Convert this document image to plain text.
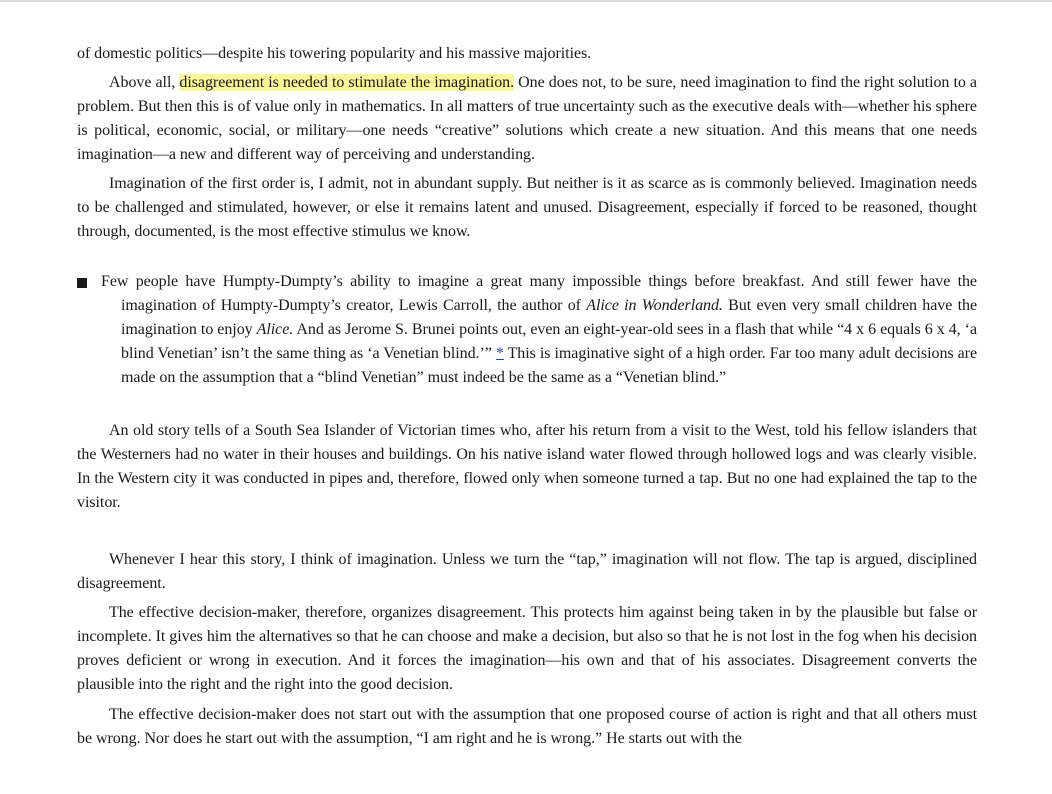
of domestic politics—despite his towering popularity and his massive majorities.

Above all, disagreement is needed to stimulate the imagination. One does not, to be sure, need imagination to find the right solution to a problem. But then this is of value only in mathematics. In all matters of true uncertainty such as the executive deals with—whether his sphere is political, economic, social, or military—one needs “creative” solutions which create a new situation. And this means that one needs imagination—a new and different way of perceiving and understanding.

Imagination of the first order is, I admit, not in abundant supply. But neither is it as scarce as is commonly believed. Imagination needs to be challenged and stimulated, however, or else it remains latent and unused. Disagreement, especially if forced to be reasoned, thought through, documented, is the most effective stimulus we know.

Few people have Humpty-Dumpty’s ability to imagine a great many impossible things before breakfast. And still fewer have the imagination of Humpty-Dumpty’s creator, Lewis Carroll, the author of Alice in Wonderland. But even very small children have the imagination to enjoy Alice. And as Jerome S. Brunei points out, even an eight-year-old sees in a flash that while “4 x 6 equals 6 x 4, ‘a blind Venetian’ isn’t the same thing as ‘a Venetian blind.’” * This is imaginative sight of a high order. Far too many adult decisions are made on the assumption that a “blind Venetian” must indeed be the same as a “Venetian blind.”

An old story tells of a South Sea Islander of Victorian times who, after his return from a visit to the West, told his fellow islanders that the Westerners had no water in their houses and buildings. On his native island water flowed through hollowed logs and was clearly visible. In the Western city it was conducted in pipes and, therefore, flowed only when someone turned a tap. But no one had explained the tap to the visitor.

Whenever I hear this story, I think of imagination. Unless we turn the “tap,” imagination will not flow. The tap is argued, disciplined disagreement.

The effective decision-maker, therefore, organizes disagreement. This protects him against being taken in by the plausible but false or incomplete. It gives him the alternatives so that he can choose and make a decision, but also so that he is not lost in the fog when his decision proves deficient or wrong in execution. And it forces the imagination—his own and that of his associates. Disagreement converts the plausible into the right and the right into the good decision.

The effective decision-maker does not start out with the assumption that one proposed course of action is right and that all others must be wrong. Nor does he start out with the assumption, “I am right and he is wrong.” He starts out with the
